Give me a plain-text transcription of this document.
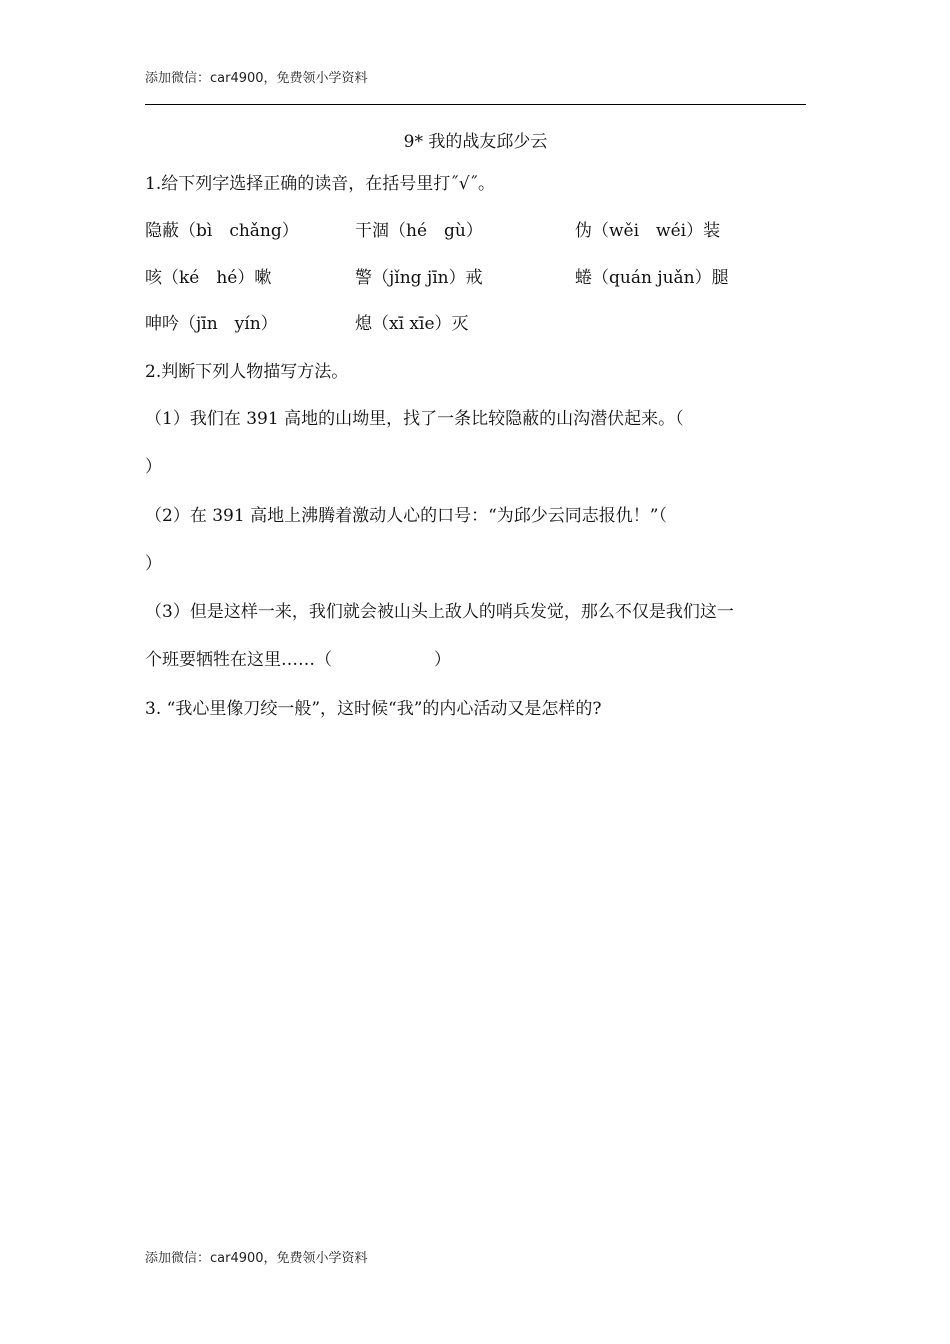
添加微信：car4900，免费领小学资料
9* 我的战友邱少云
1.给下列字选择正确的读音，在括号里打˝√˝。
隐蔽（bì　chǎng）	干涸（hé　gù）	伪（wěi　wéi）装
咳（ké　hé）嗽	警（jǐng jīn）戒	蜷（quán juǎn）腿
呻吟（jīn　yín）	熄（xī xīe）灭
2.判断下列人物描写方法。
（1）我们在 391 高地的山坳里，找了一条比较隐蔽的山沟潜伏起来。（
）
（2）在 391 高地上沸腾着激动人心的口号：“为邱少云同志报仇！”（
）
（3）但是这样一来，我们就会被山头上敌人的哨兵发觉，那么不仅是我们这一
个班要牺牲在这里……（　　　　　　）
3. “我心里像刀绞一般”，这时候“我”的内心活动又是怎样的?
添加微信：car4900，免费领小学资料
